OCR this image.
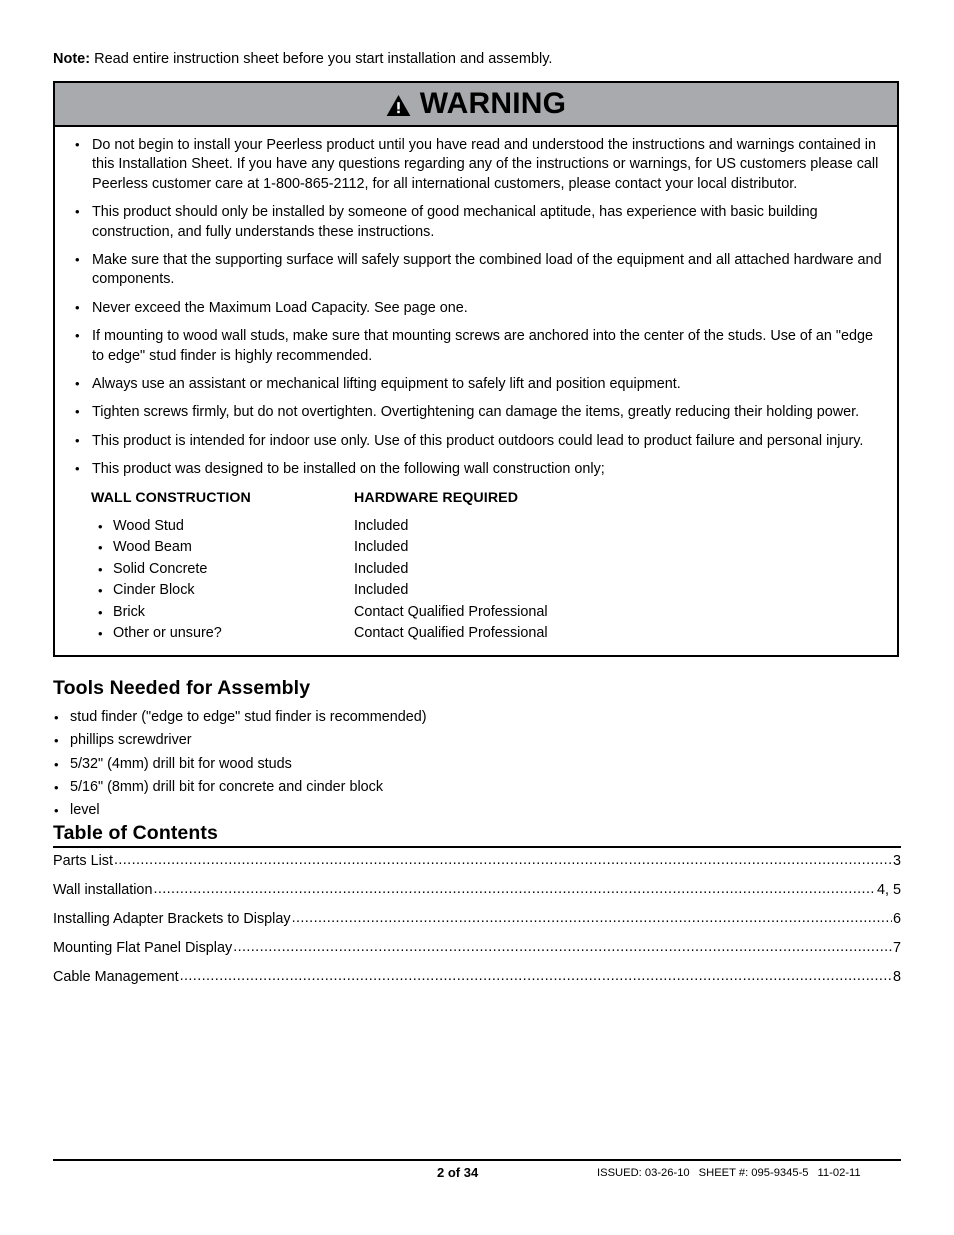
Note: Read entire instruction sheet before you start installation and assembly.
WARNING
• Do not begin to install your Peerless product until you have read and understood the instructions and warnings contained in this Installation Sheet. If you have any questions regarding any of the instructions or warnings, for US customers please call Peerless customer care at 1-800-865-2112, for all international customers, please contact your local distributor.
• This product should only be installed by someone of good mechanical aptitude, has experience with basic building construction, and fully understands these instructions.
• Make sure that the supporting surface will safely support the combined load of the equipment and all attached hardware and components.
• Never exceed the Maximum Load Capacity. See page one.
• If mounting to wood wall studs, make sure that mounting screws are anchored into the center of the studs. Use of an "edge to edge" stud finder is highly recommended.
• Always use an assistant or mechanical lifting equipment to safely lift and position equipment.
• Tighten screws firmly, but do not overtighten. Overtightening can damage the items, greatly reducing their holding power.
• This product is intended for indoor use only. Use of this product outdoors could lead to product failure and personal injury.
• This product was designed to be installed on the following wall construction only;
WALL CONSTRUCTION	HARDWARE REQUIRED
• Wood Stud	Included
• Wood Beam	Included
• Solid Concrete	Included
• Cinder Block	Included
• Brick	Contact Qualified Professional
• Other or unsure?	Contact Qualified Professional
Tools Needed for Assembly
• stud finder ("edge to edge" stud finder is recommended)
• phillips screwdriver
• 5/32" (4mm) drill bit for wood studs
• 5/16" (8mm) drill bit for concrete and cinder block
• level
Table of Contents
Parts List .....	3
Wall installation .....	4, 5
Installing Adapter Brackets to Display .....	6
Mounting Flat Panel Display .....	7
Cable Management .....	8
2 of 34	ISSUED: 03-26-10 SHEET #: 095-9345-5 11-02-11
